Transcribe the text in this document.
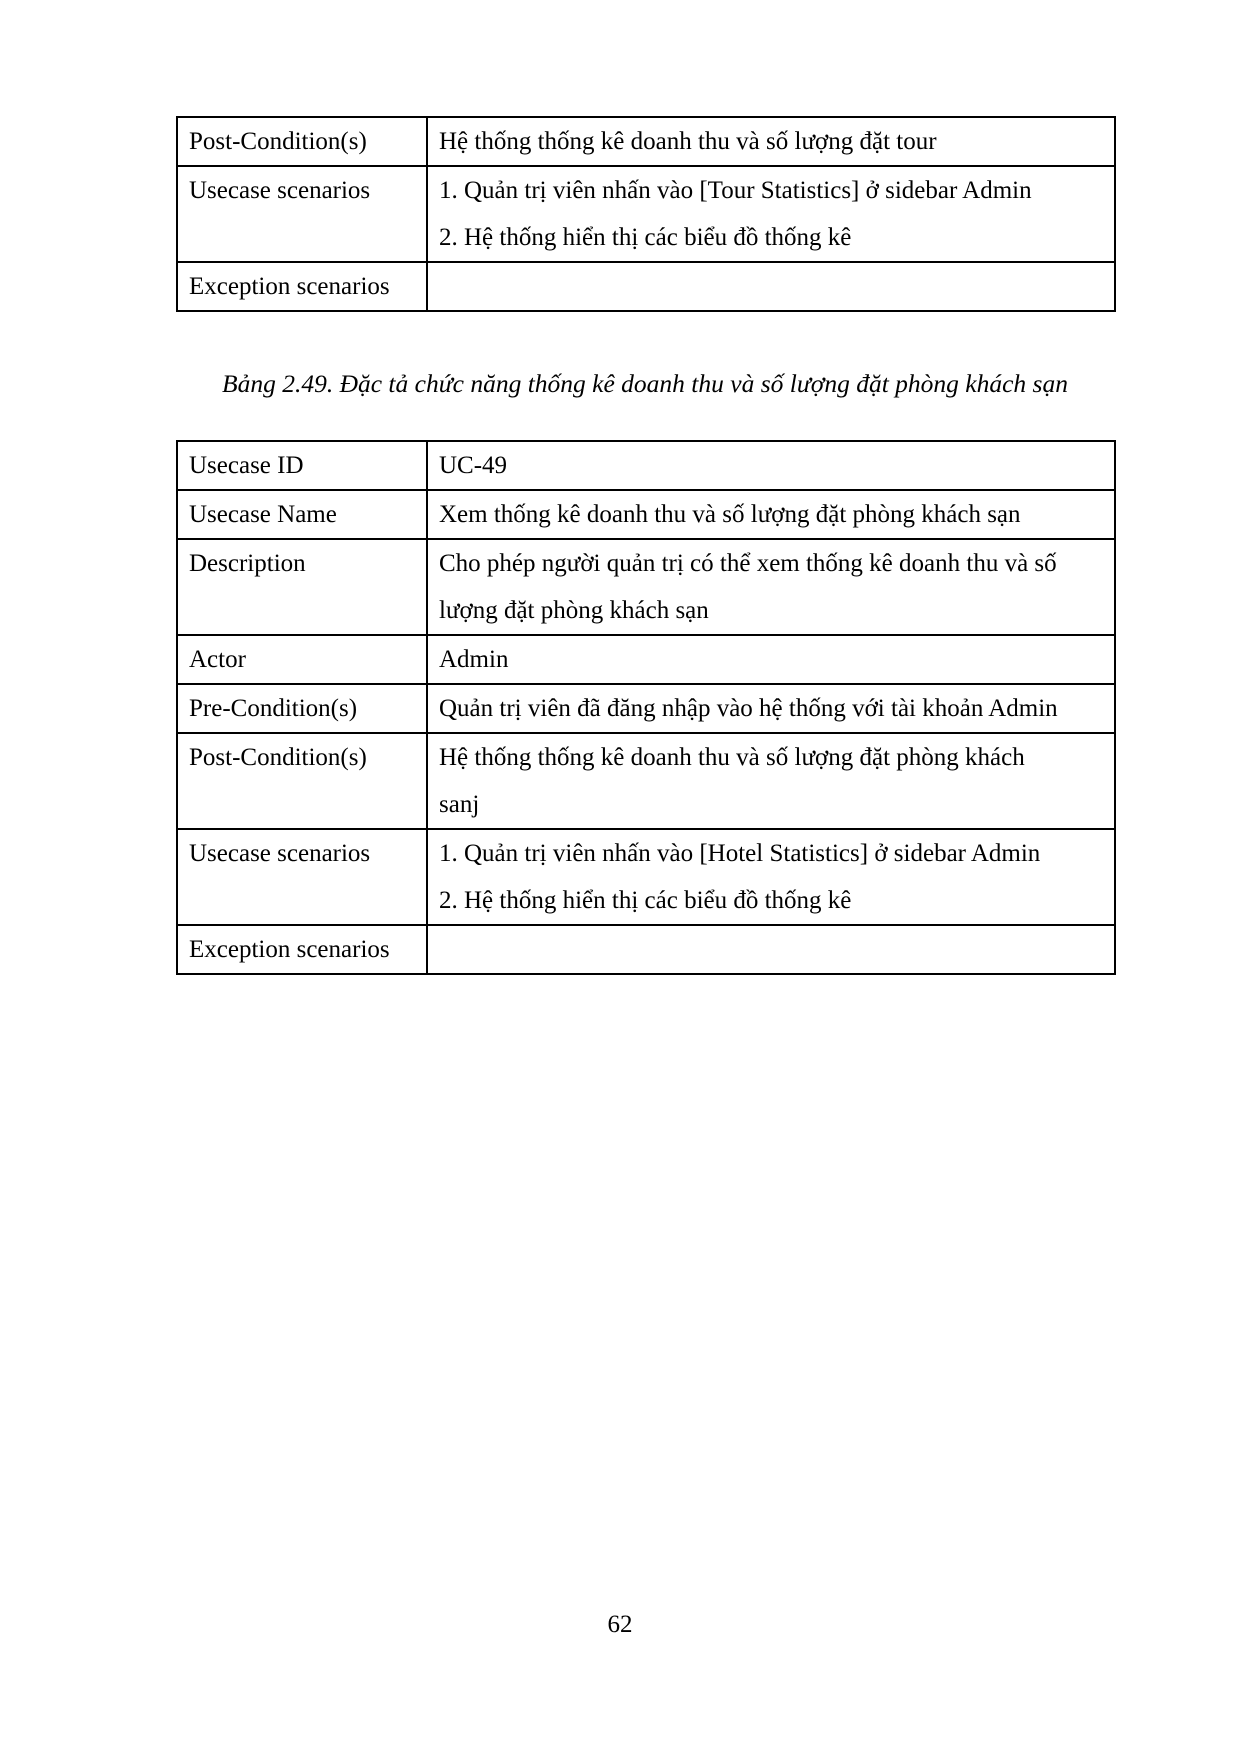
Post-Condition(s)	Hệ thống thống kê doanh thu và số lượng đặt tour

Usecase scenarios	1. Quản trị viên nhấn vào [Tour Statistics] ở sidebar Admin
2. Hệ thống hiển thị các biểu đồ thống kê

Exception scenarios	

Bảng 2.49. Đặc tả chức năng thống kê doanh thu và số lượng đặt phòng khách sạn
Usecase ID	UC-49

Usecase Name	Xem thống kê doanh thu và số lượng đặt phòng khách sạn

Description	Cho phép người quản trị có thể xem thống kê doanh thu và số
lượng đặt phòng khách sạn

Actor	Admin

Pre-Condition(s)	Quản trị viên đã đăng nhập vào hệ thống với tài khoản Admin

Post-Condition(s)	Hệ thống thống kê doanh thu và số lượng đặt phòng khách
sanj

Usecase scenarios	1. Quản trị viên nhấn vào [Hotel Statistics] ở sidebar Admin
2. Hệ thống hiển thị các biểu đồ thống kê

Exception scenarios	

62
